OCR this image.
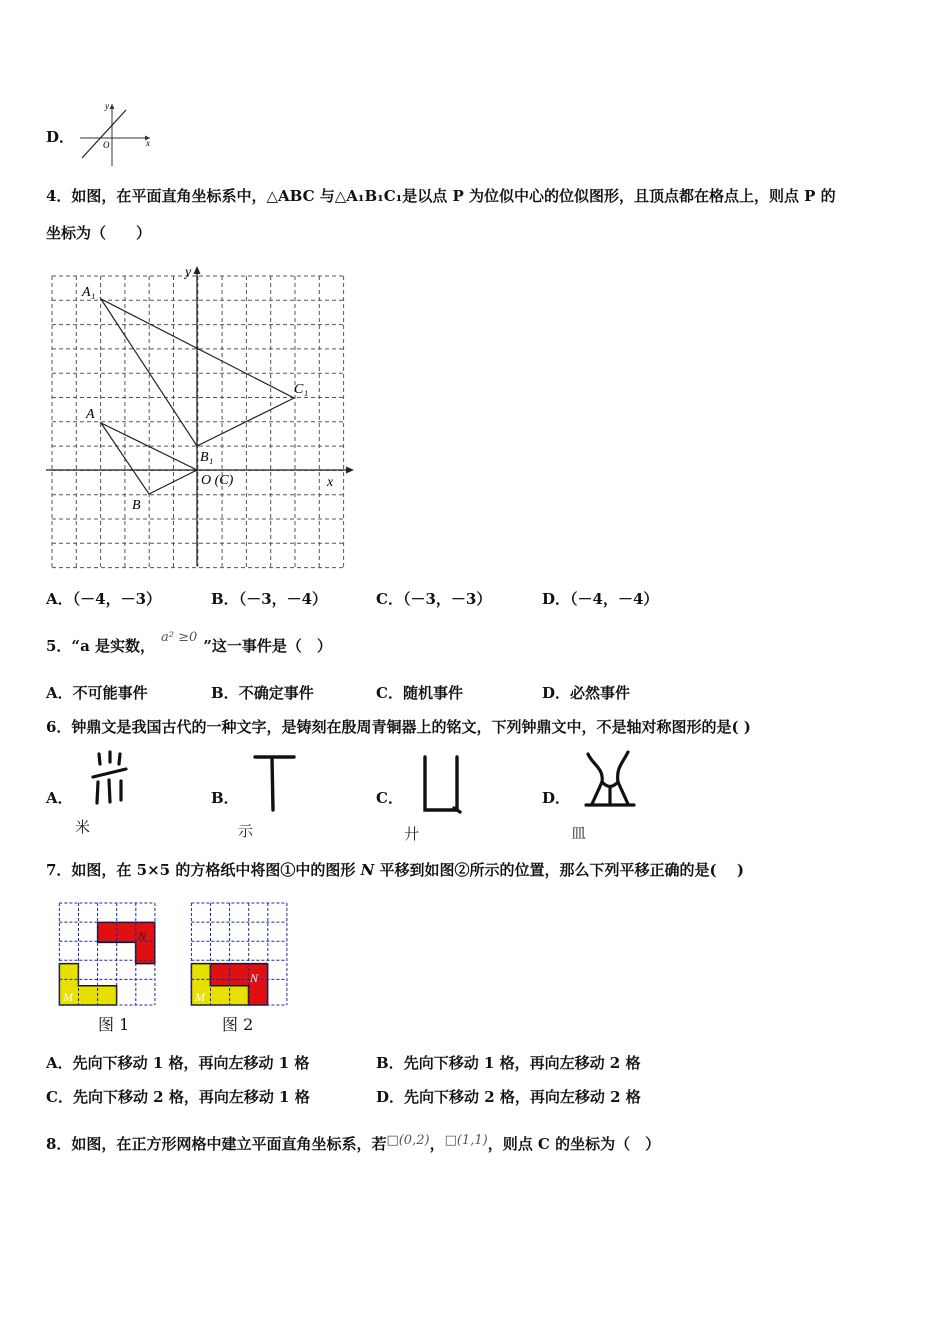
D．	x
y
O
4．如图，在平面直角坐标系中，△ABC 与△A₁B₁C₁是以点 P 为位似中心的位似图形，且顶点都在格点上，则点 P 的
坐标为（　　）
y
x
A₁
C₁
A
B₁
B
O (C)
A．（－4，－3）	B．（－3，－4）	C．（－3，－3）	D．（－4，－4）
5．“a 是实数， a² ≥0 ”这一事件是（　）
A．不可能事件	B．不确定事件	C．随机事件	D．必然事件
6．钟鼎文是我国古代的一种文字，是铸刻在殷周青铜器上的铭文，下列钟鼎文中，不是轴对称图形的是( )
A．
米
B．
示
C．
廾
D．
皿
7．如图，在 5×5 的方格纸中将图①中的图形 N 平移到如图②所示的位置，那么下列平移正确的是( 　)
N
M
图 1
N
M
图 2
A．先向下移动 1 格，再向左移动 1 格	B．先向下移动 1 格，再向左移动 2 格
C．先向下移动 2 格，再向左移动 1 格	D．先向下移动 2 格，再向左移动 2 格
8．如图，在正方形网格中建立平面直角坐标系，若□(0,2)，□(1,1)，则点 C 的坐标为（　）
